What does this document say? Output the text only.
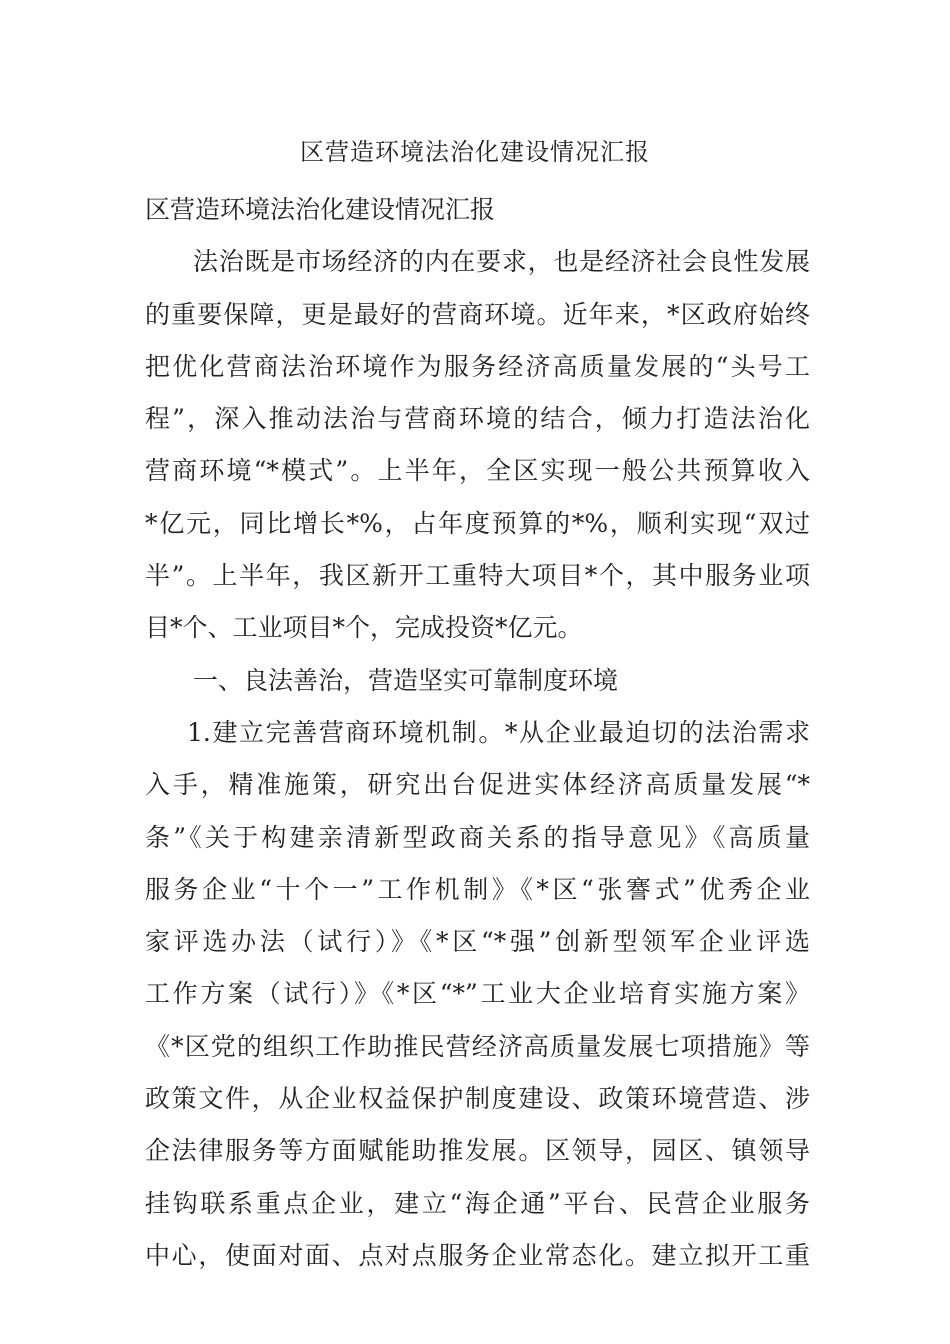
区营造环境法治化建设情况汇报
区营造环境法治化建设情况汇报
法治既是市场经济的内在要求，也是经济社会良性发展
的重要保障，更是最好的营商环境。近年来，*区政府始终
把优化营商法治环境作为服务经济高质量发展的“头号工
程”，深入推动法治与营商环境的结合，倾力打造法治化
营商环境“*模式”。上半年，全区实现一般公共预算收入
*亿元，同比增长*%，占年度预算的*%，顺利实现“双过
半”。上半年，我区新开工重特大项目*个，其中服务业项
目*个、工业项目*个，完成投资*亿元。
一、良法善治，营造坚实可靠制度环境
1.建立完善营商环境机制。*从企业最迫切的法治需求
入手，精准施策，研究出台促进实体经济高质量发展“*
条”《关于构建亲清新型政商关系的指导意见》《高质量
服务企业“十个一”工作机制》《*区“张謇式”优秀企业
家评选办法（试行）》《*区“*强”创新型领军企业评选
工作方案（试行）》《*区“*”工业大企业培育实施方案》
《*区党的组织工作助推民营经济高质量发展七项措施》等
政策文件，从企业权益保护制度建设、政策环境营造、涉
企法律服务等方面赋能助推发展。区领导，园区、镇领导
挂钩联系重点企业，建立“海企通”平台、民营企业服务
中心，使面对面、点对点服务企业常态化。建立拟开工重
